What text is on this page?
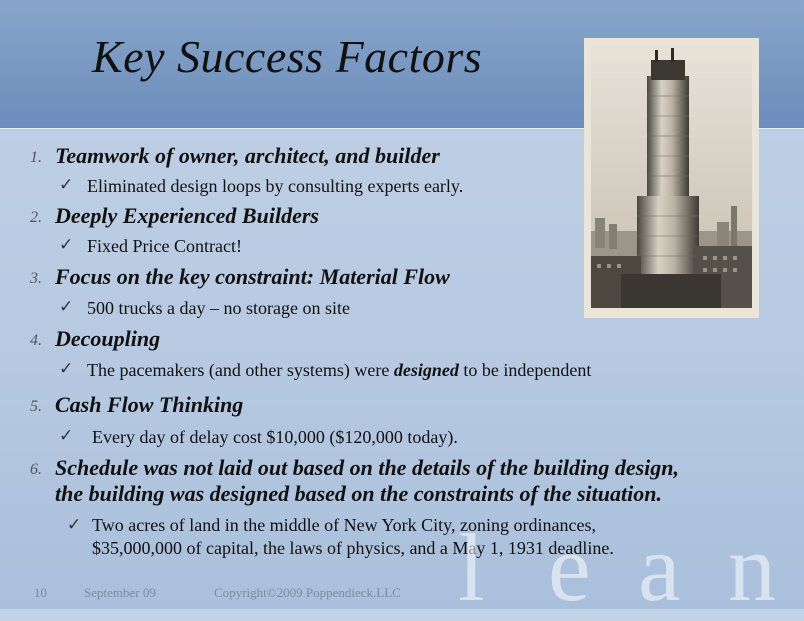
Key Success Factors
1. Teamwork of owner, architect, and builder
✓ Eliminated design loops by consulting experts early.
2. Deeply Experienced Builders
✓ Fixed Price Contract!
3. Focus on the key constraint: Material Flow
✓ 500 trucks a day – no storage on site
4. Decoupling
✓ The pacemakers (and other systems) were designed to be independent
5. Cash Flow Thinking
✓ Every day of delay cost $10,000 ($120,000 today).
6. Schedule was not laid out based on the details of the building design,
the building was designed based on the constraints of the situation.
✓ Two acres of land in the middle of New York City, zoning ordinances,
$35,000,000 of capital, the laws of physics, and a May 1, 1931 deadline.
l e a n
10	September 09	Copyright©2009 Poppendieck.LLC
